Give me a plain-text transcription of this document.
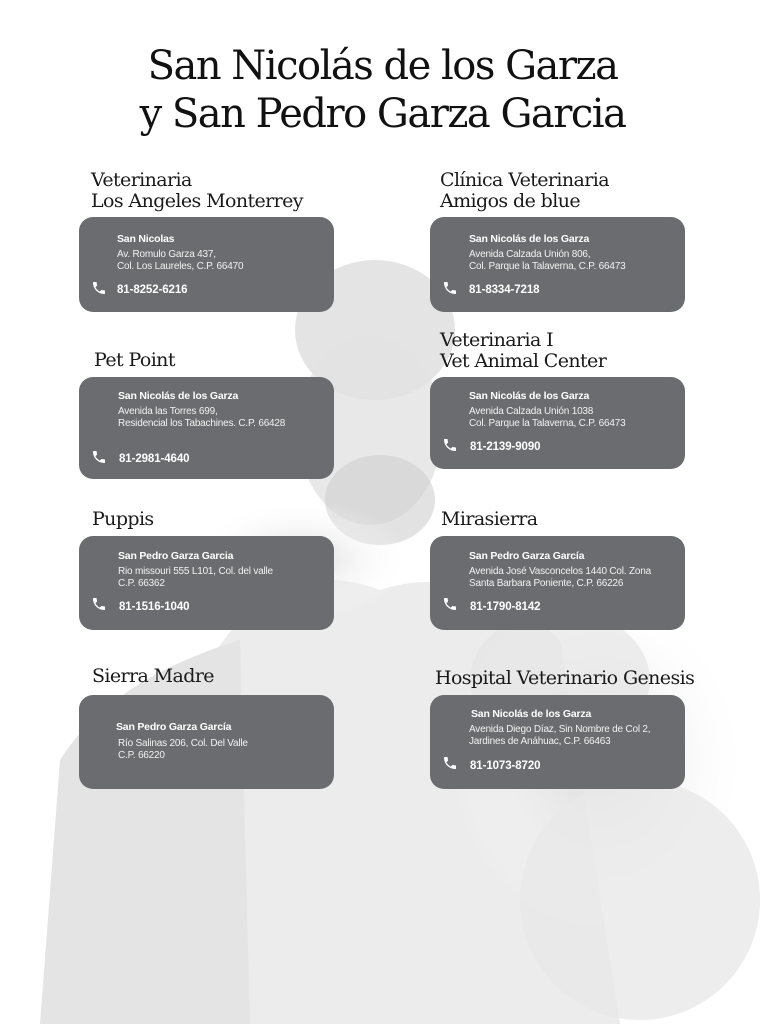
San Nicolás de los Garza
y San Pedro Garza Garcia
Veterinaria
Los Angeles Monterrey
San Nicolas
Av. Romulo Garza 437,
Col. Los Laureles, C.P. 66470
81-8252-6216
Clínica Veterinaria
Amigos de blue
San Nicolás de los Garza
Avenida Calzada Unión 806,
Col. Parque la Talaverna, C.P. 66473
81-8334-7218
Pet Point
San Nicolás de los Garza
Avenida las Torres 699,
Residencial los Tabachines. C.P. 66428
81-2981-4640
Veterinaria I
Vet Animal Center
San Nicolás de los Garza
Avenida Calzada Unión 1038
Col. Parque la Talaverna, C.P. 66473
81-2139-9090
Puppis
San Pedro Garza Garcia
Rio missouri 555 L101, Col. del valle
C.P. 66362
81-1516-1040
Mirasierra
San Pedro Garza García
Avenida José Vasconcelos 1440 Col. Zona
Santa Barbara Poniente, C.P. 66226
81-1790-8142
Sierra Madre
San Pedro Garza García
Río Salinas 206, Col. Del Valle
C.P. 66220
Hospital Veterinario Genesis
San Nicolás de los Garza
Avenida Diego Díaz, Sin Nombre de Col 2,
Jardines de Anáhuac, C.P. 66463
81-1073-8720
